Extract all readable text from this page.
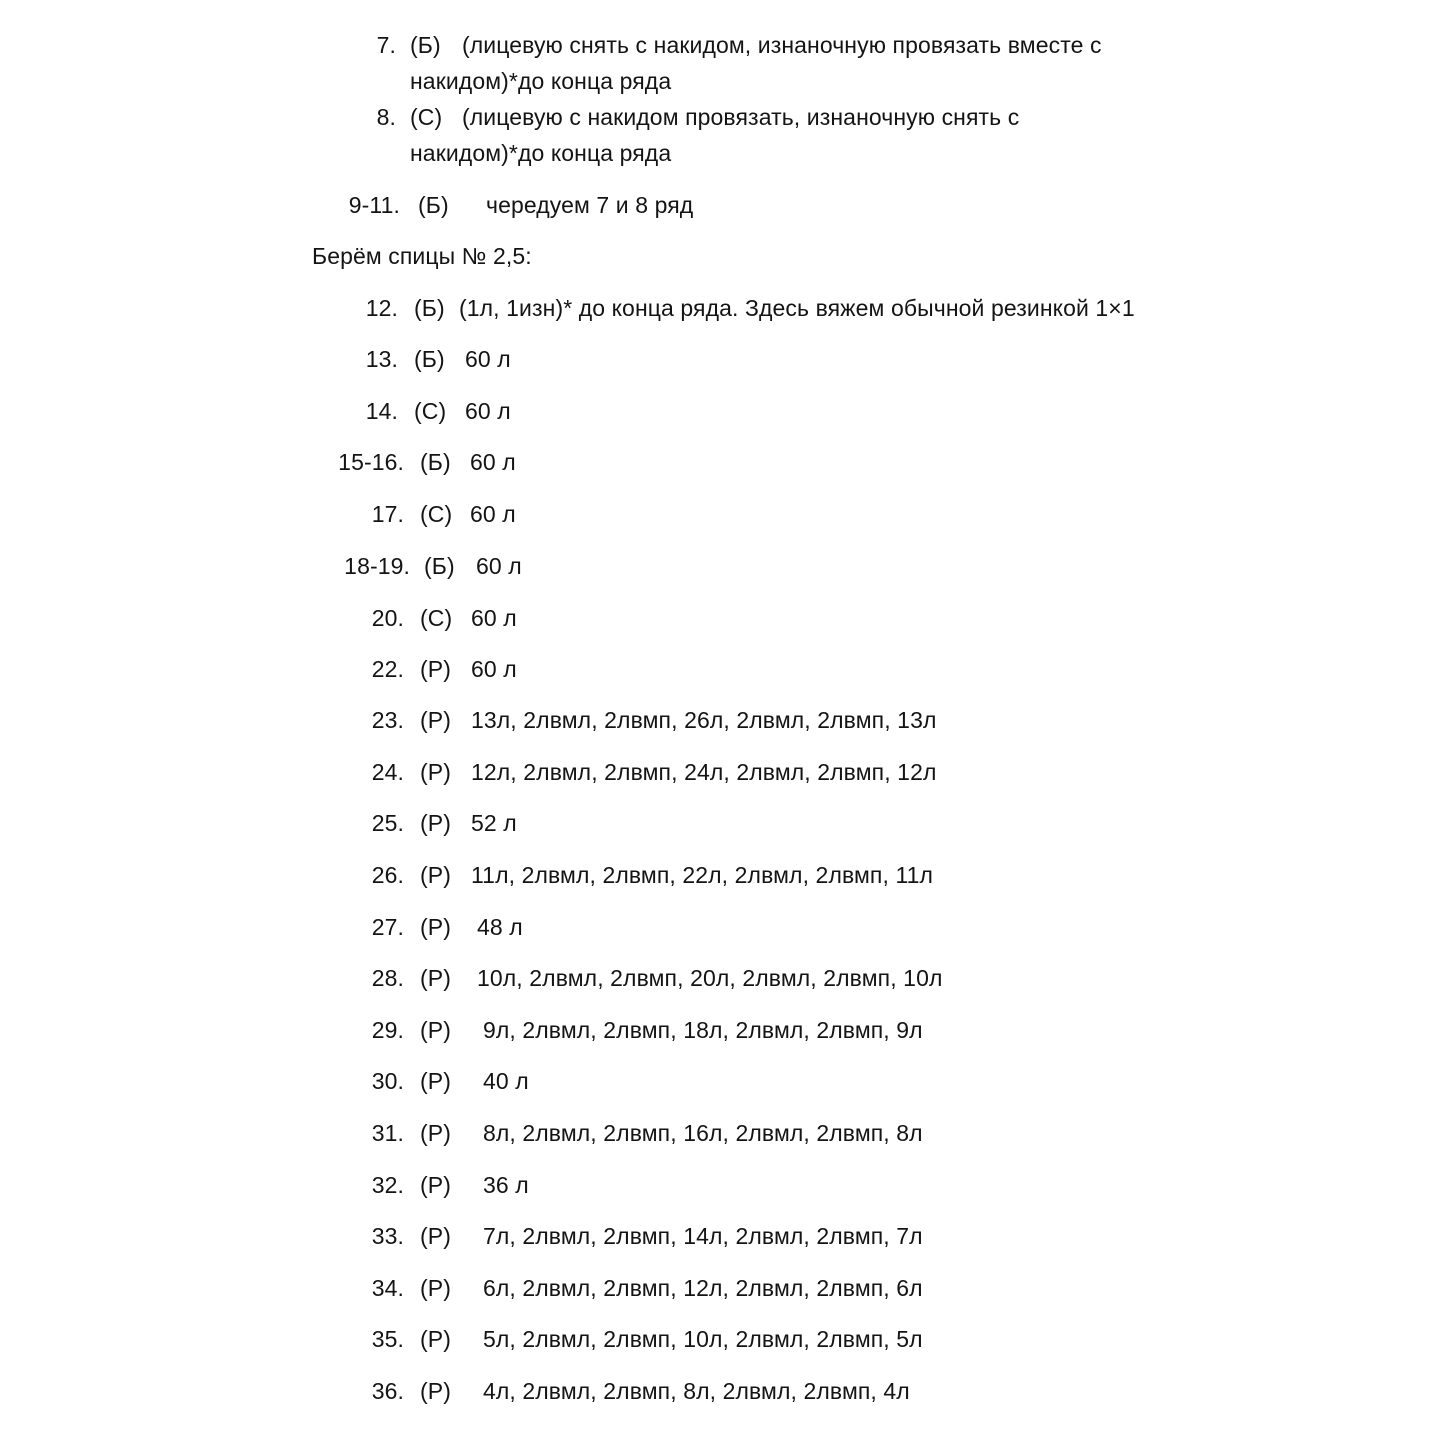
7. (Б) (лицевую снять с накидом, изнаночную провязать вместе с
накидом)*до конца ряда
8. (С) (лицевую с накидом провязать, изнаночную снять с
накидом)*до конца ряда
9-11. (Б) чередуем 7 и 8 ряд
Берём спицы № 2,5:
12. (Б) (1л, 1изн)* до конца ряда. Здесь вяжем обычной резинкой 1×1
13. (Б) 60 л
14. (С) 60 л
15-16. (Б) 60 л
17. (С) 60 л
18-19. (Б) 60 л
20. (С) 60 л
22. (Р) 60 л
23. (Р) 13л, 2лвмл, 2лвмп, 26л, 2лвмл, 2лвмп, 13л
24. (Р) 12л, 2лвмл, 2лвмп, 24л, 2лвмл, 2лвмп, 12л
25. (Р) 52 л
26. (Р) 11л, 2лвмл, 2лвмп, 22л, 2лвмл, 2лвмп, 11л
27. (Р) 48 л
28. (Р) 10л, 2лвмл, 2лвмп, 20л, 2лвмл, 2лвмп, 10л
29. (Р) 9л, 2лвмл, 2лвмп, 18л, 2лвмл, 2лвмп, 9л
30. (Р) 40 л
31. (Р) 8л, 2лвмл, 2лвмп, 16л, 2лвмл, 2лвмп, 8л
32. (Р) 36 л
33. (Р) 7л, 2лвмл, 2лвмп, 14л, 2лвмл, 2лвмп, 7л
34. (Р) 6л, 2лвмл, 2лвмп, 12л, 2лвмл, 2лвмп, 6л
35. (Р) 5л, 2лвмл, 2лвмп, 10л, 2лвмл, 2лвмп, 5л
36. (Р) 4л, 2лвмл, 2лвмп, 8л, 2лвмл, 2лвмп, 4л
